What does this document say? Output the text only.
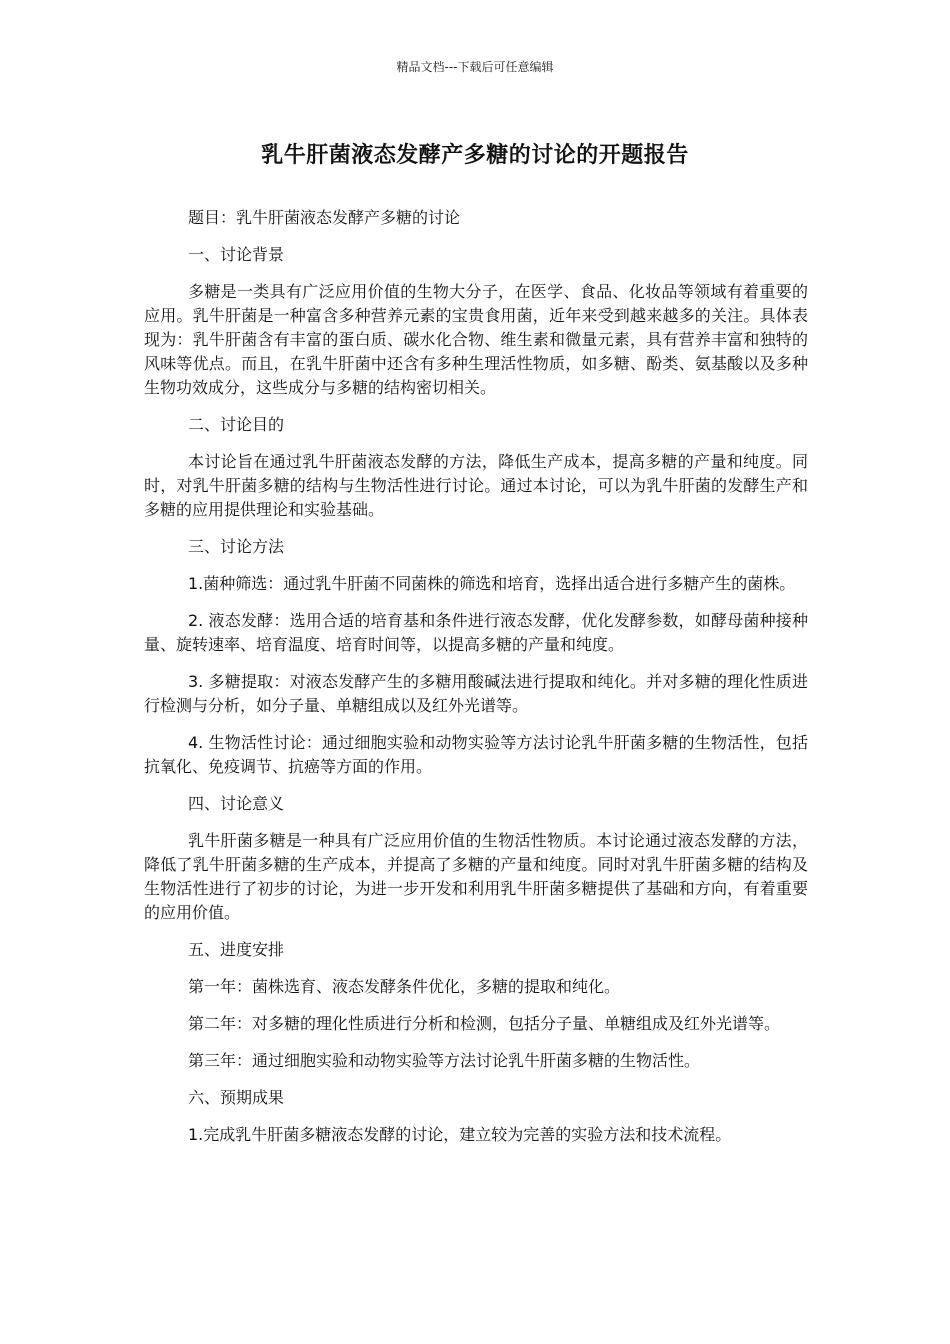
精品文档---下载后可任意编辑
乳牛肝菌液态发酵产多糖的讨论的开题报告

题目：乳牛肝菌液态发酵产多糖的讨论

一、讨论背景

多糖是一类具有广泛应用价值的生物大分子，在医学、食品、化妆品等领域有着重要的应用。乳牛肝菌是一种富含多种营养元素的宝贵食用菌，近年来受到越来越多的关注。具体表现为：乳牛肝菌含有丰富的蛋白质、碳水化合物、维生素和微量元素，具有营养丰富和独特的风味等优点。而且，在乳牛肝菌中还含有多种生理活性物质，如多糖、酚类、氨基酸以及多种生物功效成分，这些成分与多糖的结构密切相关。

二、讨论目的

本讨论旨在通过乳牛肝菌液态发酵的方法，降低生产成本，提高多糖的产量和纯度。同时，对乳牛肝菌多糖的结构与生物活性进行讨论。通过本讨论，可以为乳牛肝菌的发酵生产和多糖的应用提供理论和实验基础。

三、讨论方法

1.菌种筛选：通过乳牛肝菌不同菌株的筛选和培育，选择出适合进行多糖产生的菌株。

2. 液态发酵：选用合适的培育基和条件进行液态发酵，优化发酵参数，如酵母菌种接种量、旋转速率、培育温度、培育时间等，以提高多糖的产量和纯度。

3. 多糖提取：对液态发酵产生的多糖用酸碱法进行提取和纯化。并对多糖的理化性质进行检测与分析，如分子量、单糖组成以及红外光谱等。

4. 生物活性讨论：通过细胞实验和动物实验等方法讨论乳牛肝菌多糖的生物活性，包括抗氧化、免疫调节、抗癌等方面的作用。

四、讨论意义

乳牛肝菌多糖是一种具有广泛应用价值的生物活性物质。本讨论通过液态发酵的方法，降低了乳牛肝菌多糖的生产成本，并提高了多糖的产量和纯度。同时对乳牛肝菌多糖的结构及生物活性进行了初步的讨论，为进一步开发和利用乳牛肝菌多糖提供了基础和方向，有着重要的应用价值。

五、进度安排

第一年：菌株选育、液态发酵条件优化，多糖的提取和纯化。

第二年：对多糖的理化性质进行分析和检测，包括分子量、单糖组成及红外光谱等。

第三年：通过细胞实验和动物实验等方法讨论乳牛肝菌多糖的生物活性。

六、预期成果

1.完成乳牛肝菌多糖液态发酵的讨论，建立较为完善的实验方法和技术流程。
